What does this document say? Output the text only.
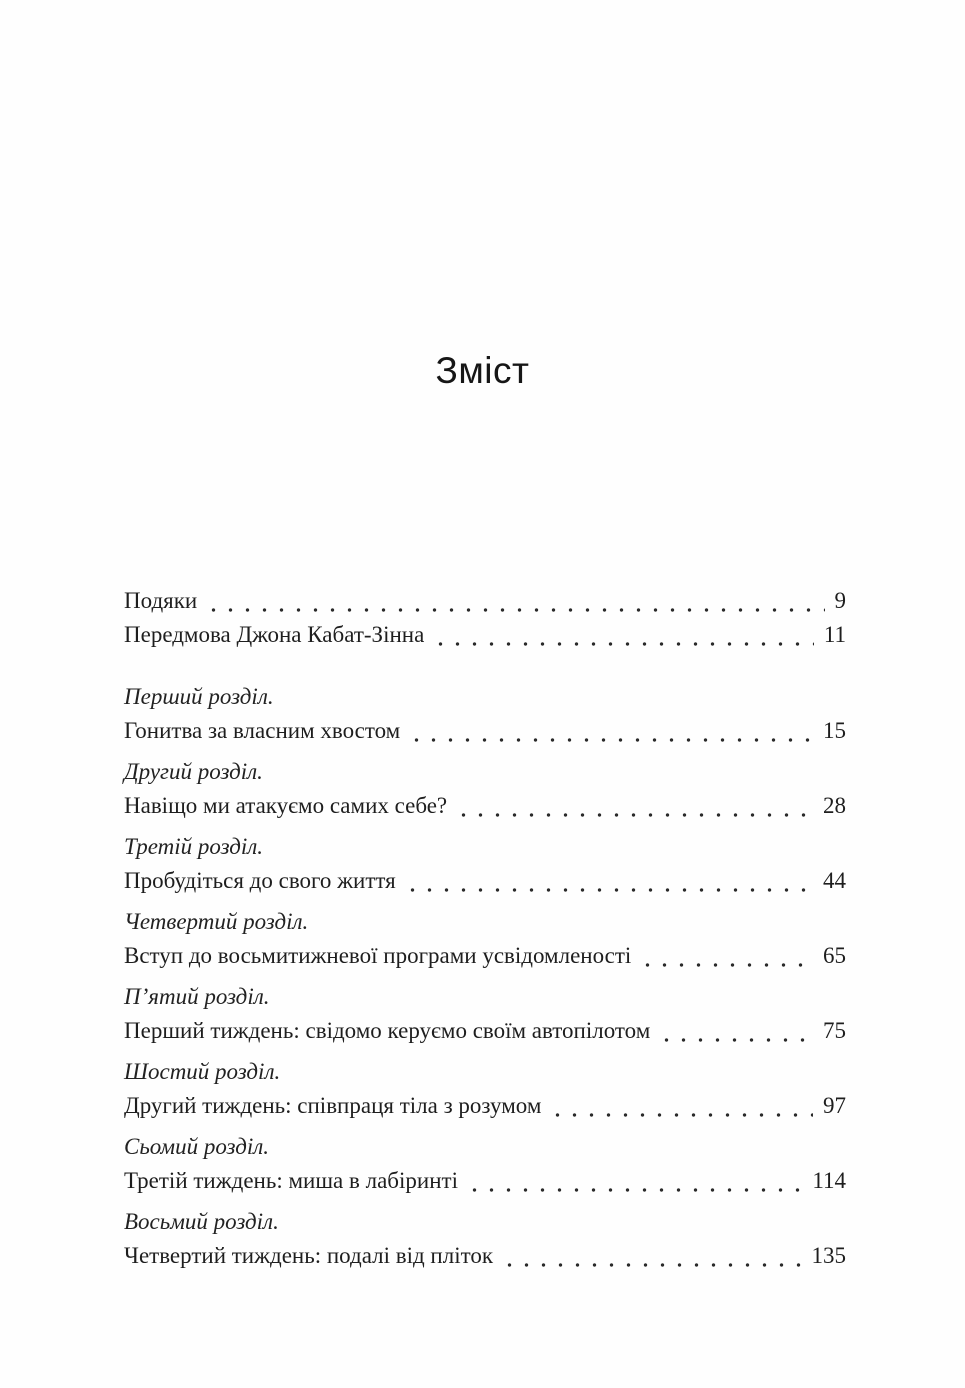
Зміст
Подяки	9
Передмова Джона Кабат-Зінна	11
Перший розділ.
Гонитва за власним хвостом	15
Другий розділ.
Навіщо ми атакуємо самих себе?	28
Третій розділ.
Пробудіться до свого життя	44
Четвертий розділ.
Вступ до восьмитижневої програми усвідомленості	65
П’ятий розділ.
Перший тиждень: свідомо керуємо своїм автопілотом	75
Шостий розділ.
Другий тиждень: співпраця тіла з розумом	97
Сьомий розділ.
Третій тиждень: миша в лабіринті	114
Восьмий розділ.
Четвертий тиждень: подалі від пліток	135
